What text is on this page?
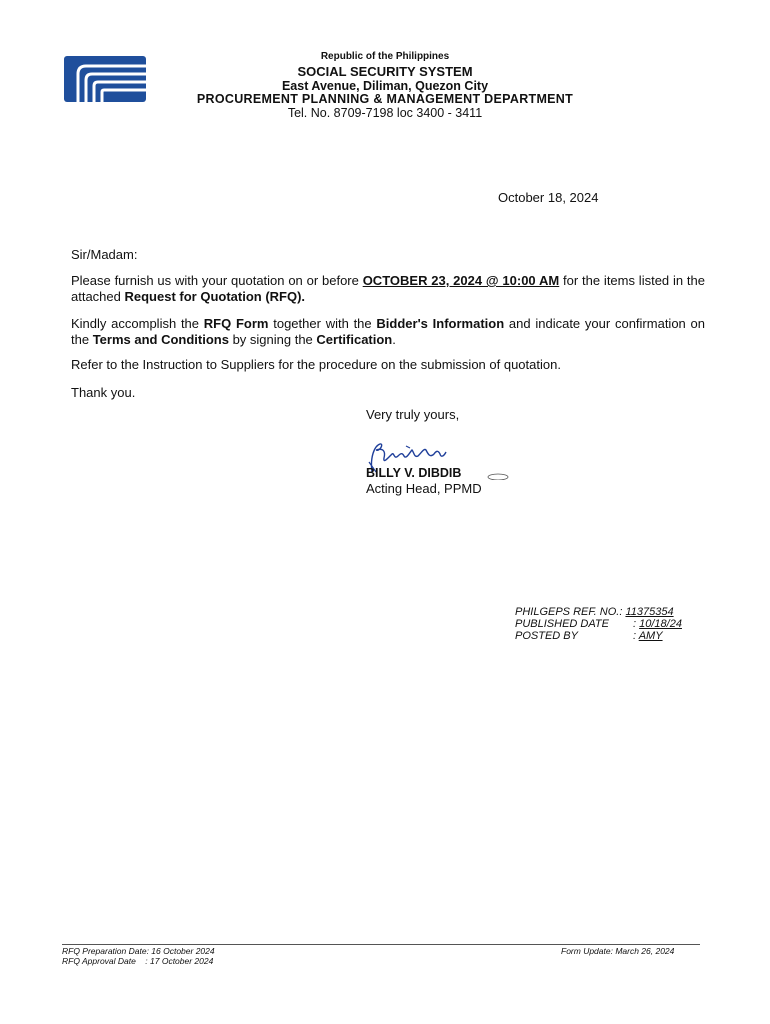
Republic of the Philippines
SOCIAL SECURITY SYSTEM
East Avenue, Diliman, Quezon City
PROCUREMENT PLANNING & MANAGEMENT DEPARTMENT
Tel. No. 8709-7198 loc 3400 - 3411
October 18, 2024
Sir/Madam:
Please furnish us with your quotation on or before OCTOBER 23, 2024 @ 10:00 AM for the items listed in the attached Request for Quotation (RFQ).
Kindly accomplish the RFQ Form together with the Bidder's Information and indicate your confirmation on the Terms and Conditions by signing the Certification.
Refer to the Instruction to Suppliers for the procedure on the submission of quotation.
Thank you.
Very truly yours,
BILLY V. DIBDIB
Acting Head, PPMD
PHILGEPS REF. NO.: 11375354
PUBLISHED DATE : 10/18/24
POSTED BY	: AMY
RFQ Preparation Date: 16 October 2024
RFQ Approval Date    : 17 October 2024
Form Update: March 26, 2024
